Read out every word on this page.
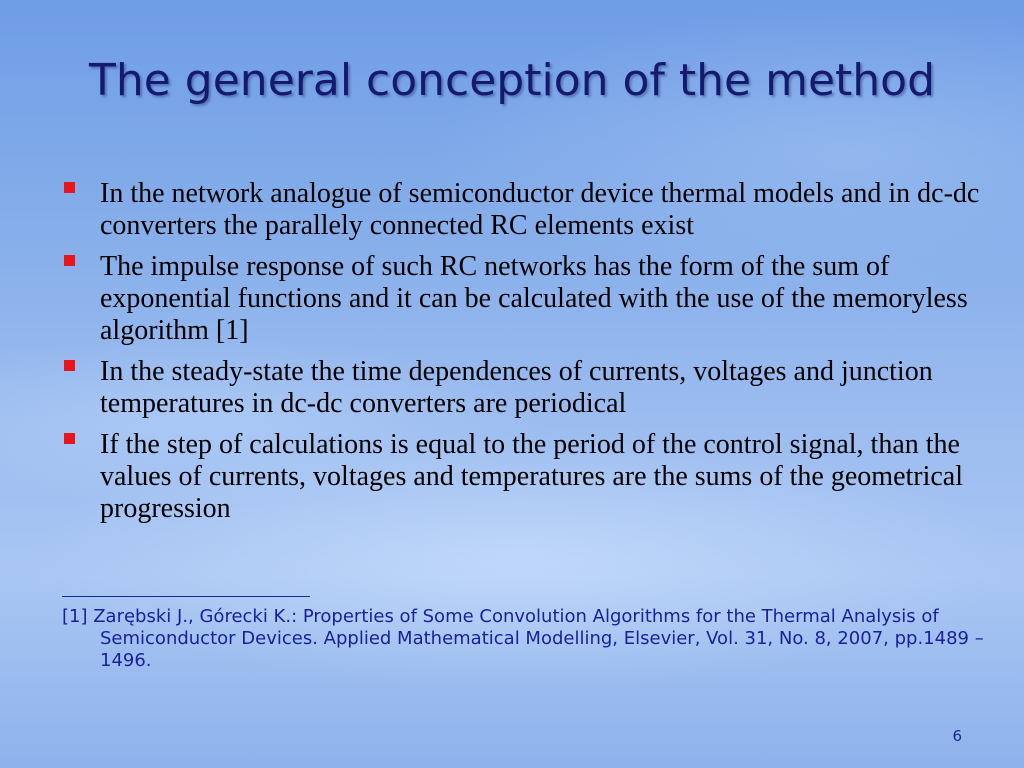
The general conception of the method
In the network analogue of semiconductor device thermal models and in dc-dc converters the parallely connected RC elements exist
The impulse response of such RC networks has the form of the sum of exponential functions and it can be calculated with the use of the memoryless algorithm [1]
In the steady-state the time dependences of currents, voltages and junction temperatures in dc-dc converters are periodical
If the step of calculations is equal to the period of the control signal, than the values of currents, voltages and temperatures are the sums of the geometrical progression

[1] Zarębski J., Górecki K.: Properties of Some Convolution Algorithms for the Thermal Analysis of Semiconductor Devices. Applied Mathematical Modelling, Elsevier, Vol. 31, No. 8, 2007, pp.1489 – 1496.

6
